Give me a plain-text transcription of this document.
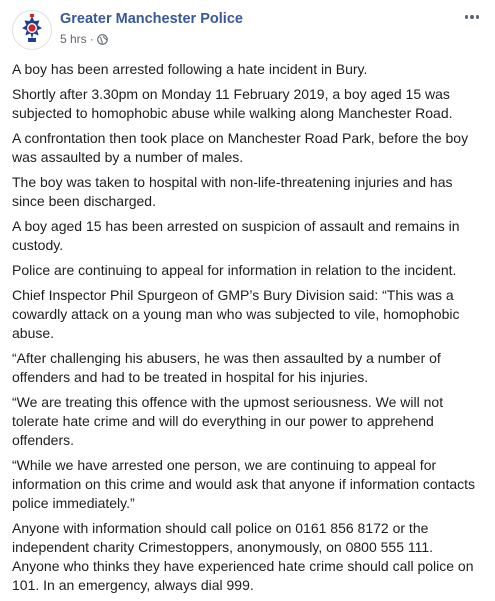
Greater Manchester Police
5 hrs ·

A boy has been arrested following a hate incident in Bury.

Shortly after 3.30pm on Monday 11 February 2019, a boy aged 15 was subjected to homophobic abuse while walking along Manchester Road.

A confrontation then took place on Manchester Road Park, before the boy was assaulted by a number of males.

The boy was taken to hospital with non-life-threatening injuries and has since been discharged.

A boy aged 15 has been arrested on suspicion of assault and remains in custody.

Police are continuing to appeal for information in relation to the incident.

Chief Inspector Phil Spurgeon of GMP’s Bury Division said: “This was a cowardly attack on a young man who was subjected to vile, homophobic abuse.

“After challenging his abusers, he was then assaulted by a number of offenders and had to be treated in hospital for his injuries.

“We are treating this offence with the upmost seriousness. We will not tolerate hate crime and will do everything in our power to apprehend offenders.

“While we have arrested one person, we are continuing to appeal for information on this crime and would ask that anyone if information contacts police immediately.”

Anyone with information should call police on 0161 856 8172 or the independent charity Crimestoppers, anonymously, on 0800 555 111. Anyone who thinks they have experienced hate crime should call police on 101. In an emergency, always dial 999.
